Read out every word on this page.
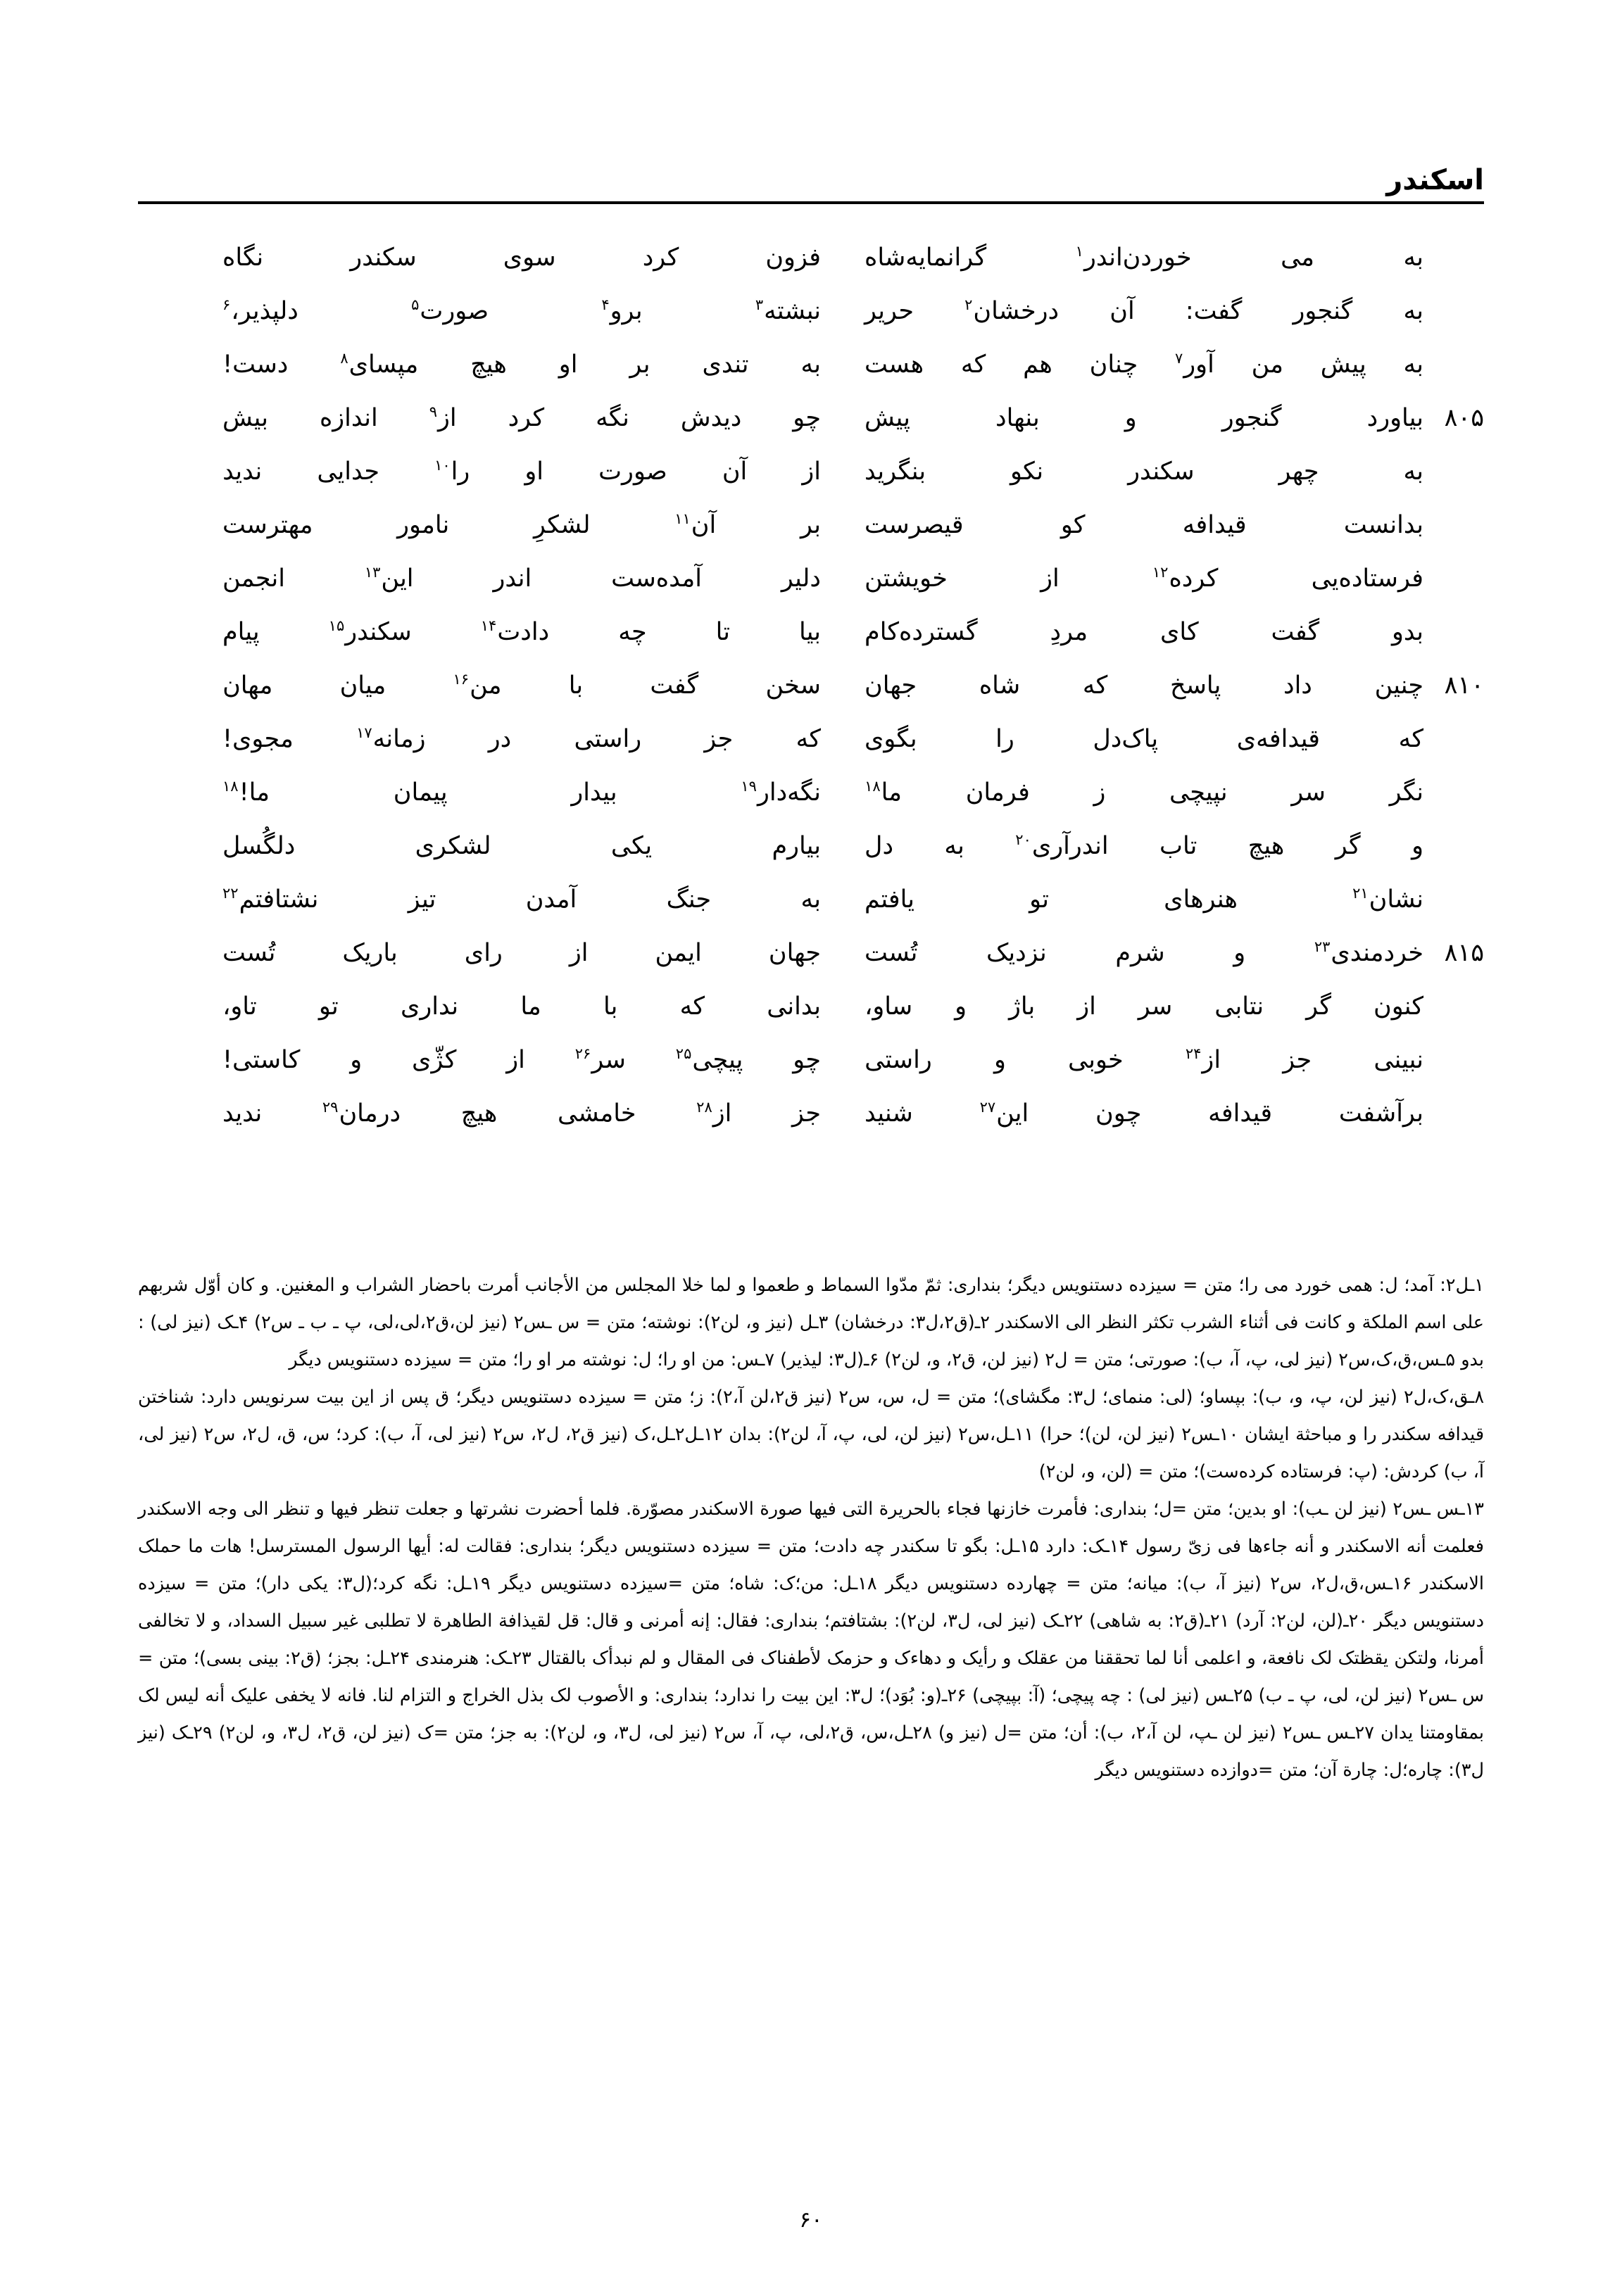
اسکندر
به
می
خوردن‌اندر$^۱$
گرانمایه‌شاه
فزون
کرد
سوی
سکندر
نگاه
به
گنجور
گفت:
آن
درخشان$^۲$
حریر
نبشته$^۳$
برو$^۴$
صورت$^۵$
دلپذیر،$^۶$
به
پیش
من
آور$^۷$
چنان
هم
که
هست
به
تندی
بر
او
هیچ
مپسای$^۸$
دست!
۸۰۵
بیاورد
گنجور
و
بنهاد
پیش
چو
دیدش
نگه
کرد
از$^۹$
اندازه
بیش
به
چهر
سکندر
نکو
بنگرید
از
آن
صورت
او
را$^{۱۰}$
جدایی
ندید
بدانست
قیدافه
کو
قیصرست
بر
آن$^{۱۱}$
لشکرِ
نامور
مهترست
فرستاده‌یی
کرده$^{۱۲}$
از
خویشتن
دلیر
آمده‌ست
اندر
این$^{۱۳}$
انجمن
بدو
گفت
کای
مردِ
گسترده‌کام
بیا
تا
چه
دادت$^{۱۴}$
سکندر$^{۱۵}$
پیام
۸۱۰
چنین
داد
پاسخ
که
شاه
جهان
سخن
گفت
با
من$^{۱۶}$
میان
مهان
که
قیدافه‌ی
پاک‌دل
را
بگوی
که
جز
راستی
در
زمانه$^{۱۷}$
مجوی!
نگر
سر
نپیچی
ز
فرمان
ما$^{۱۸}$
نگه‌دار$^{۱۹}$
بیدار
پیمان
ما!$^{۱۸}$
و
گر
هیچ
تاب
اندرآری$^{۲۰}$
به
دل
بیارم
یکی
لشکری
دلگُسل
نشان$^{۲۱}$
هنرهای
تو
یافتم
به
جنگ
آمدن
تیز
نشتافتم$^{۲۲}$
۸۱۵
خردمندی$^{۲۳}$
و
شرم
نزدیک
تُست
جهان
ایمن
از
رای
باریک
تُست
کنون
گر
نتابی
سر
از
باژ
و
ساو،
بدانی
که
با
ما
نداری
تو
تاو،
نبینی
جز
از$^{۲۴}$
خوبی
و
راستی
چو
پیچی$^{۲۵}$
سر$^{۲۶}$
از
کژّی
و
کاستی!
برآشفت
قیدافه
چون
این$^{۲۷}$
شنید
جز
از$^{۲۸}$
خامشی
هیچ
درمان$^{۲۹}$
ندید

۱ـل۲: آمد؛ ل: همی خورد می را؛ متن = سیزده دستنویس دیگر؛ بنداری: ثمّ مدّوا السماط و طعموا و لما خلا المجلس من الأجانب أمرت باحضار الشراب و المغنین. و کان أوّل شربهم علی اسم الملکة و کانت فی أثناء الشرب تکثر النظر الی الاسکندر ۲ـ(ق۲،ل۳: درخشان) ۳ـل (نیز و، لن۲): نوشته؛ متن = س ـس۲ (نیز لن،ق۲،لی،لی، پ ـ ب ـ س۲) ۴ـک (نیز لی) : بدو ۵ـس،ق،ک،س۲ (نیز لی، پ، آ، ب): صورتی؛ متن = ل۲ (نیز لن، ق۲، و، لن۲) ۶ـ(ل۳: لیذیر) ۷ـس: من او را؛ ل: نوشته مر او را؛ متن = سیزده دستنویس دیگر

۸ـق،ک،ل۲ (نیز لن، پ، و، ب): بپساو؛ (لی: منمای؛ ل۳: مگشای)؛ متن = ل، س، س۲ (نیز ق۲،لن آ،۲): ز؛ متن = سیزده دستنویس دیگر؛ ق پس از این بیت سرنویس دارد: شناختن قیدافه سکندر را و مباحثة ایشان ۱۰ـس۲ (نیز لن، لن)؛ حرا) ۱۱ـل،س۲ (نیز لن، لی، پ، آ، لن۲): بدان ۱۲ـل۲ـل،ک (نیز ق۲، ل۲، س۲ (نیز لی، آ، ب): کرد؛ س، ق، ل۲، س۲ (نیز لی، آ، ب) کردش: (پ: فرستاده کرده‌ست)؛ متن = (لن، و، لن۲)

۱۳ـس ـس۲ (نیز لن ـب): او بدین؛ متن =ل؛ بنداری: فأمرت خازنها فجاء بالحریرة التی فیها صورة الاسکندر مصوّرة. فلما أحضرت نشرتها و جعلت تنظر فیها و تنظر الی وجه الاسکندر فعلمت أنه الاسکندر و أنه جاءها فی زیّ رسول ۱۴ـک: دارد ۱۵ـل: بگو تا سکندر چه دادت؛ متن = سیزده دستنویس دیگر؛ بنداری: فقالت له: أیها الرسول المسترسل! هات ما حملک الاسکندر ۱۶ـس،ق،ل۲، س۲ (نیز آ، ب): میانه؛ متن = چهارده دستنویس دیگر ۱۸ـل: من؛ک: شاه؛ متن =سیزده دستنویس دیگر ۱۹ـل: نگه کرد؛(ل۳: یکی دار)؛ متن = سیزده دستنویس دیگر ۲۰ـ(لن، لن۲: آرد) ۲۱ـ(ق۲: به شاهی) ۲۲ـک (نیز لی، ل۳، لن۲): بشتافتم؛ بنداری: فقال: إنه أمرنی و قال: قل لقیذافة الطاهرة لا تطلبی غیر سبیل السداد، و لا تخالفی أمرنا، ولتکن یقظتک لک نافعة، و اعلمی أنا لما تحققنا من عقلک و رأیک و دهاءک و حزمک لأطفناک فی المقال و لم نبدأک بالقتال ۲۳ـک: هنرمندی ۲۴ـل: بجز؛ (ق۲: بینی بسی)؛ متن = س ـس۲ (نیز لن، لی، پ ـ ب) ۲۵ـس (نیز لی) : چه پیچی؛ (آ: بپیچی) ۲۶ـ(و: بُوَد)؛ ل۳: این بیت را ندارد؛ بنداری: و الأصوب لک بذل الخراج و التزام لنا. فانه لا یخفی علیک أنه لیس لک بمقاومتنا یدان ۲۷ـس ـس۲ (نیز لن ـپ، لن آ،۲، ب): أن؛ متن =ل (نیز و) ۲۸ـل،س، ق۲،لی، پ، آ، س۲ (نیز لی، ل۳، و، لن۲): به جز؛ متن =ک (نیز لن، ق۲، ل۳، و، لن۲) ۲۹ـک (نیز ل۳): چاره؛ل: چارة آن؛ متن =دوازده دستنویس دیگر

۶۰
